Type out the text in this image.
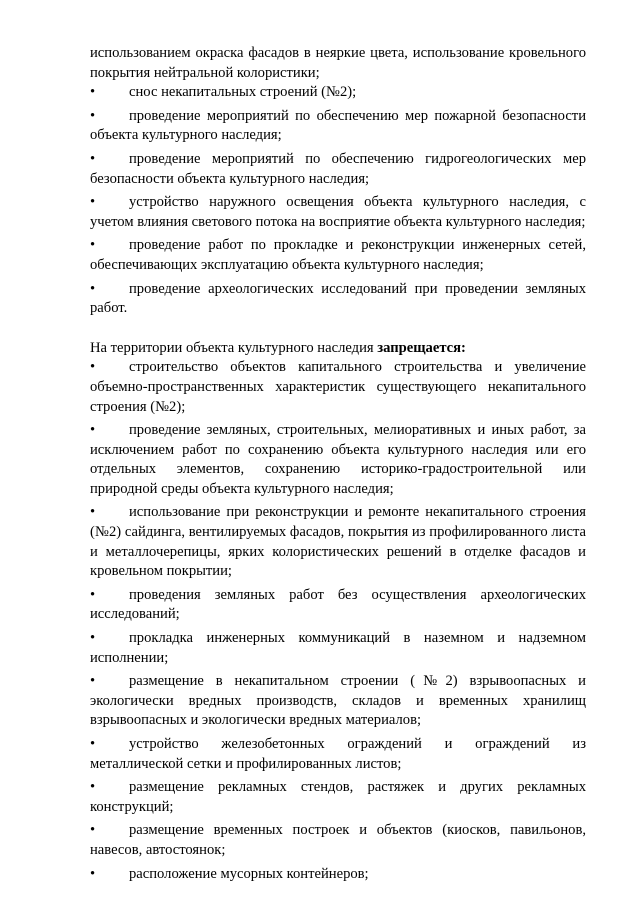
использованием окраска фасадов в неяркие цвета, использование кровельного покрытия нейтральной колористики;

• снос некапитальных строений (№2);
• проведение мероприятий по обеспечению мер пожарной безопасности объекта культурного наследия;
• проведение мероприятий по обеспечению гидрогеологических мер безопасности объекта культурного наследия;
• устройство наружного освещения объекта культурного наследия, с учетом влияния светового потока на восприятие объекта культурного наследия;
• проведение работ по прокладке и реконструкции инженерных сетей, обеспечивающих эксплуатацию объекта культурного наследия;
• проведение археологических исследований при проведении земляных работ.

На территории объекта культурного наследия запрещается:

• строительство объектов капитального строительства и увеличение объемно-пространственных характеристик существующего некапитального строения (№2);
• проведение земляных, строительных, мелиоративных и иных работ, за исключением работ по сохранению объекта культурного наследия или его отдельных элементов, сохранению историко-градостроительной или природной среды объекта культурного наследия;
• использование при реконструкции и ремонте некапитального строения (№2) сайдинга, вентилируемых фасадов, покрытия из профилированного листа и металлочерепицы, ярких колористических решений в отделке фасадов и кровельном покрытии;
• проведения земляных работ без осуществления археологических исследований;
• прокладка инженерных коммуникаций в наземном и надземном исполнении;
• размещение в некапитальном строении (№2) взрывоопасных и экологически вредных производств, складов и временных хранилищ взрывоопасных и экологически вредных материалов;
• устройство железобетонных ограждений и ограждений из металлической сетки и профилированных листов;
• размещение рекламных стендов, растяжек и других рекламных конструкций;
• размещение временных построек и объектов (киосков, павильонов, навесов, автостоянок;
• расположение мусорных контейнеров;
